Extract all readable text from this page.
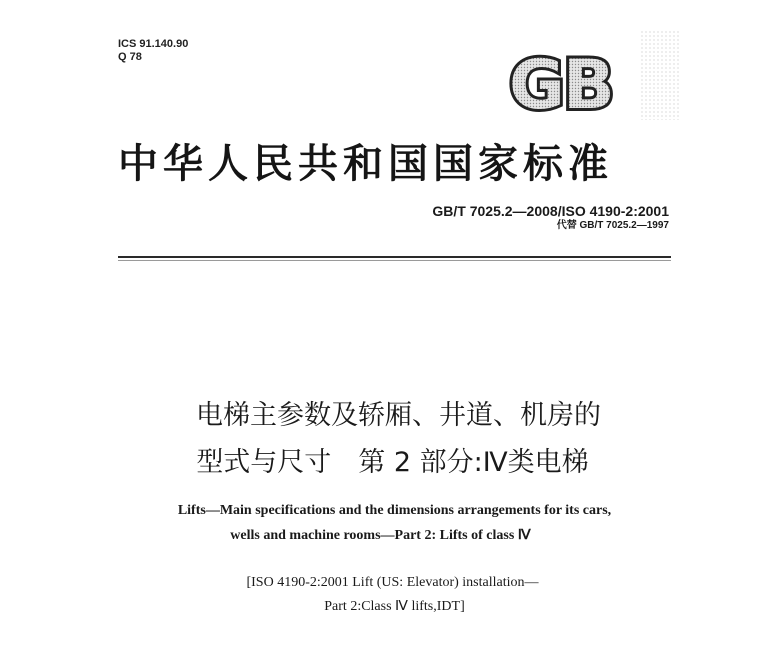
ICS 91.140.90
Q 78	GB
中华人民共和国国家标准
GB/T 7025.2—2008/ISO 4190-2:2001
代替 GB/T 7025.2—1997
电梯主参数及轿厢、井道、机房的
型式与尺寸　第 2 部分:Ⅳ类电梯
Lifts—Main specifications and the dimensions arrangements for its cars,
wells and machine rooms—Part 2: Lifts of class Ⅳ
[ISO 4190-2:2001 Lift (US: Elevator) installation—
Part 2:Class Ⅳ lifts,IDT]
